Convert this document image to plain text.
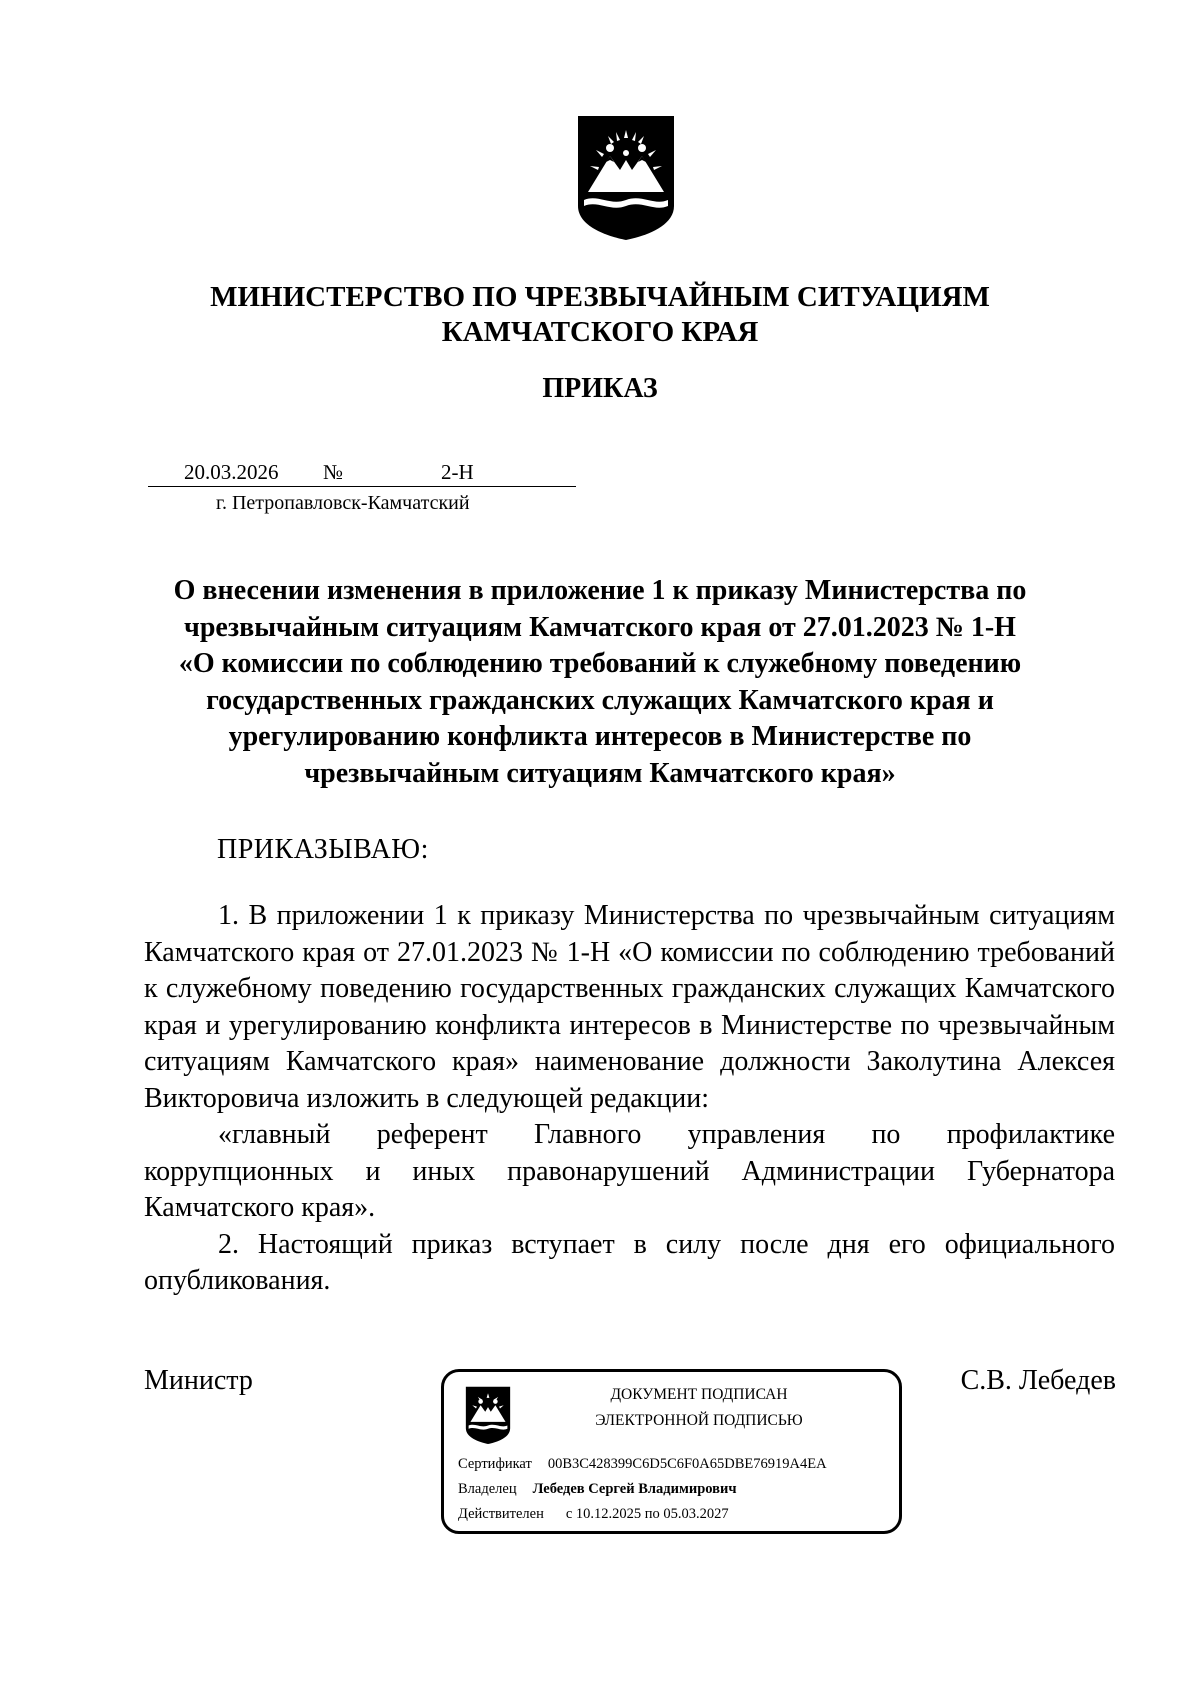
МИНИСТЕРСТВО ПО ЧРЕЗВЫЧАЙНЫМ СИТУАЦИЯМ
КАМЧАТСКОГО КРАЯ
ПРИКАЗ
20.03.2026 №	2-Н
г. Петропавловск-Камчатский
О внесении изменения в приложение 1 к приказу Министерства по
чрезвычайным ситуациям Камчатского края от 27.01.2023 № 1-Н
«О комиссии по соблюдению требований к служебному поведению
государственных гражданских служащих Камчатского края и
урегулированию конфликта интересов в Министерстве по
чрезвычайным ситуациям Камчатского края»
ПРИКАЗЫВАЮ:

1. В приложении 1 к приказу Министерства по чрезвычайным ситуациям Камчатского края от 27.01.2023 № 1-Н «О комиссии по соблюдению требований к служебному поведению государственных гражданских служащих Камчатского края и урегулированию конфликта интересов в Министерстве по чрезвычайным ситуациям Камчатского края» наименование должности Заколутина Алексея Викторовича изложить в следующей редакции:

«главный референт Главного управления по профилактике коррупционных и иных правонарушений Администрации Губернатора Камчатского края».

2. Настоящий приказ вступает в силу после дня его официального опубликования.

Министр	С.В. Лебедев
ДОКУМЕНТ ПОДПИСАН
ЭЛЕКТРОННОЙ ПОДПИСЬЮ
Сертификат 00B3C428399C6D5C6F0A65DBE76919A4EA
Владелец Лебедев Сергей Владимирович
Действителен с 10.12.2025 по 05.03.2027
